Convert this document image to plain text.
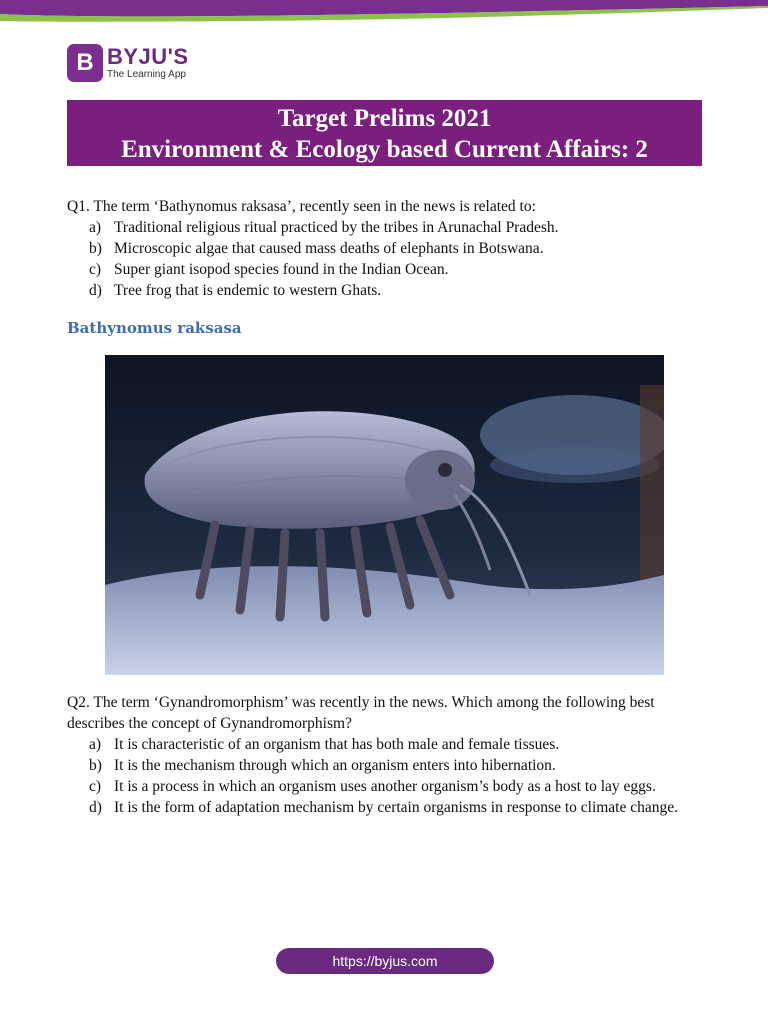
B BYJU'S
The Learning App
Target Prelims 2021
Environment & Ecology based Current Affairs: 2

Q1. The term ‘Bathynomus raksasa’, recently seen in the news is related to:

a) Traditional religious ritual practiced by the tribes in Arunachal Pradesh.
b) Microscopic algae that caused mass deaths of elephants in Botswana.
c) Super giant isopod species found in the Indian Ocean.
d) Tree frog that is endemic to western Ghats.
Bathynomus raksasa

Q2. The term ‘Gynandromorphism’ was recently in the news. Which among the following best describes the concept of Gynandromorphism?

a) It is characteristic of an organism that has both male and female tissues.
b) It is the mechanism through which an organism enters into hibernation.
c) It is a process in which an organism uses another organism’s body as a host to lay eggs.
d) It is the form of adaptation mechanism by certain organisms in response to climate change.
https://byjus.com
